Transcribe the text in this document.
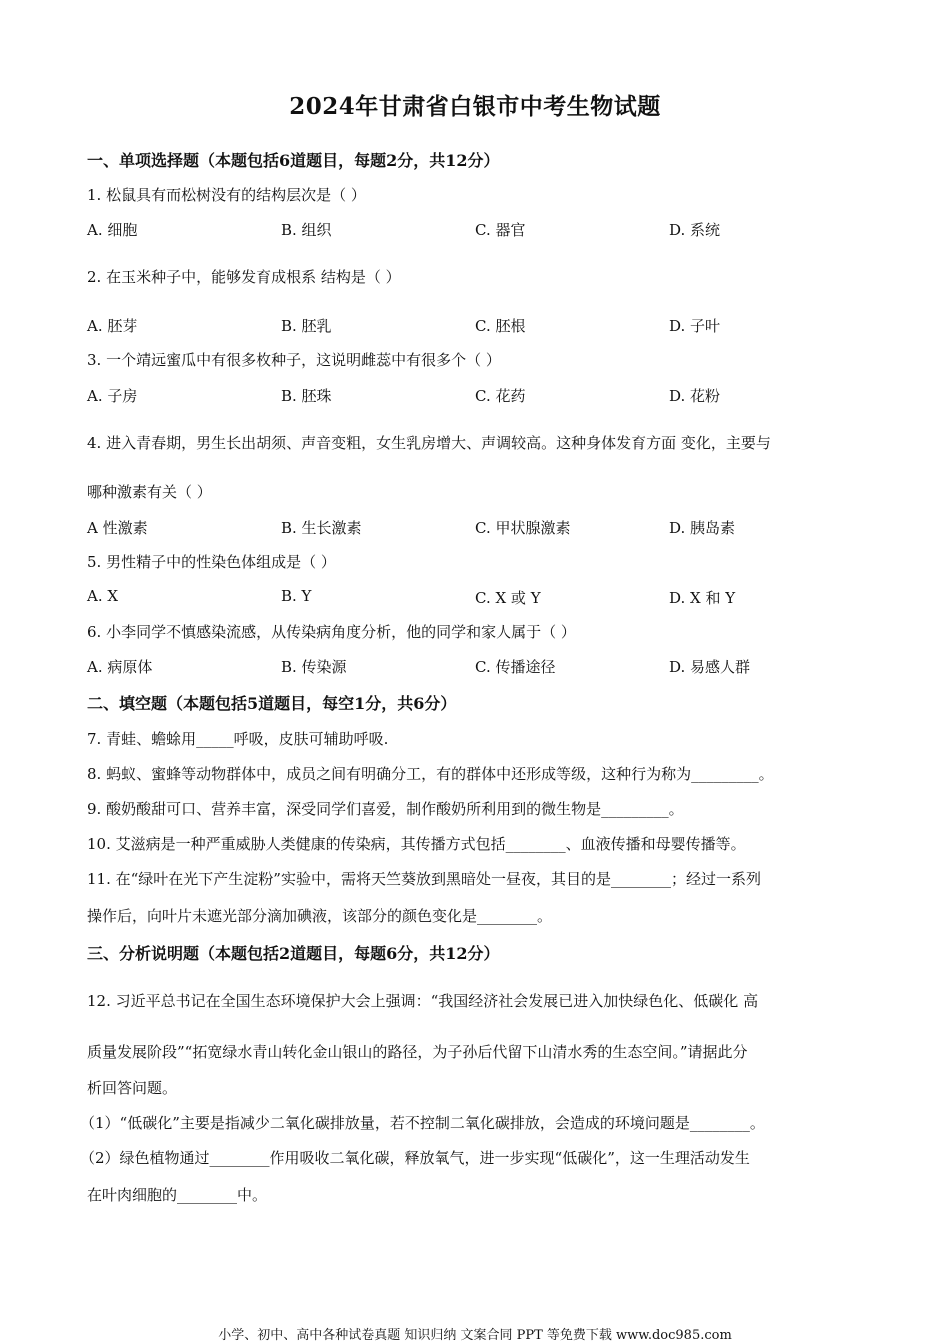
2024年甘肃省白银市中考生物试题
一、单项选择题（本题包括6道题目，每题2分，共12分）
1. 松鼠具有而松树没有的结构层次是（ ）
A. 细胞	B. 组织	C. 器官	D. 系统
2. 在玉米种子中，能够发育成根系 结构是（ ）
A. 胚芽	B. 胚乳	C. 胚根	D. 子叶
3. 一个靖远蜜瓜中有很多枚种子，这说明雌蕊中有很多个（ ）
A. 子房	B. 胚珠	C. 花药	D. 花粉
4. 进入青春期，男生长出胡须、声音变粗，女生乳房增大、声调较高。这种身体发育方面 变化，主要与
哪种激素有关（ ）
A 性激素	B. 生长激素	C. 甲状腺激素	D. 胰岛素
5. 男性精子中的性染色体组成是（ ）
A. X	B. Y	C. X 或 Y	D. X 和 Y
6. 小李同学不慎感染流感，从传染病角度分析，他的同学和家人属于（ ）
A. 病原体	B. 传染源	C. 传播途径	D. 易感人群
二、填空题（本题包括5道题目，每空1分，共6分）
7. 青蛙、蟾蜍用_____呼吸，皮肤可辅助呼吸.
8. 蚂蚁、蜜蜂等动物群体中，成员之间有明确分工，有的群体中还形成等级，这种行为称为_________。
9. 酸奶酸甜可口、营养丰富，深受同学们喜爱，制作酸奶所利用到的微生物是_________。
10. 艾滋病是一种严重威胁人类健康的传染病，其传播方式包括________、血液传播和母婴传播等。
11. 在“绿叶在光下产生淀粉”实验中，需将天竺葵放到黑暗处一昼夜，其目的是________；经过一系列
操作后，向叶片未遮光部分滴加碘液，该部分的颜色变化是________。
三、分析说明题（本题包括2道题目，每题6分，共12分）
12. 习近平总书记在全国生态环境保护大会上强调：“我国经济社会发展已进入加快绿色化、低碳化 高
质量发展阶段”“拓宽绿水青山转化金山银山的路径，为子孙后代留下山清水秀的生态空间。”请据此分
析回答问题。
（1）“低碳化”主要是指减少二氧化碳排放量，若不控制二氧化碳排放，会造成的环境问题是________。
（2）绿色植物通过________作用吸收二氧化碳，释放氧气，进一步实现“低碳化”，这一生理活动发生
在叶肉细胞的________中。
小学、初中、高中各种试卷真题 知识归纳 文案合同 PPT 等免费下载 www.doc985.com
